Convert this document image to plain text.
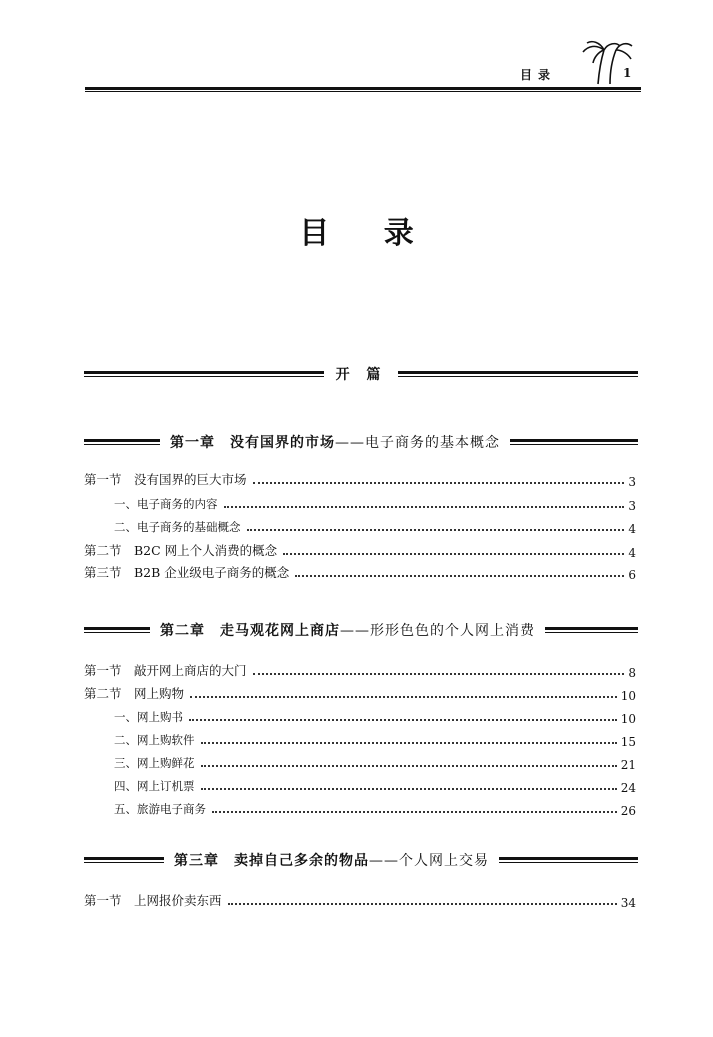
目录	1
目 录
开 篇
第一章　没有国界的市场 ——电子商务的基本概念
第一节　没有国界的巨大市场	3
一、电子商务的内容	3
二、电子商务的基础概念	4
第二节　B2C 网上个人消费的概念	4
第三节　B2B 企业级电子商务的概念	6
第二章　走马观花网上商店 ——形形色色的个人网上消费
第一节　敲开网上商店的大门	8
第二节　网上购物	10
一、网上购书	10
二、网上购软件	15
三、网上购鲜花	21
四、网上订机票	24
五、旅游电子商务	26
第三章　卖掉自己多余的物品 ——个人网上交易
第一节　上网报价卖东西	34
